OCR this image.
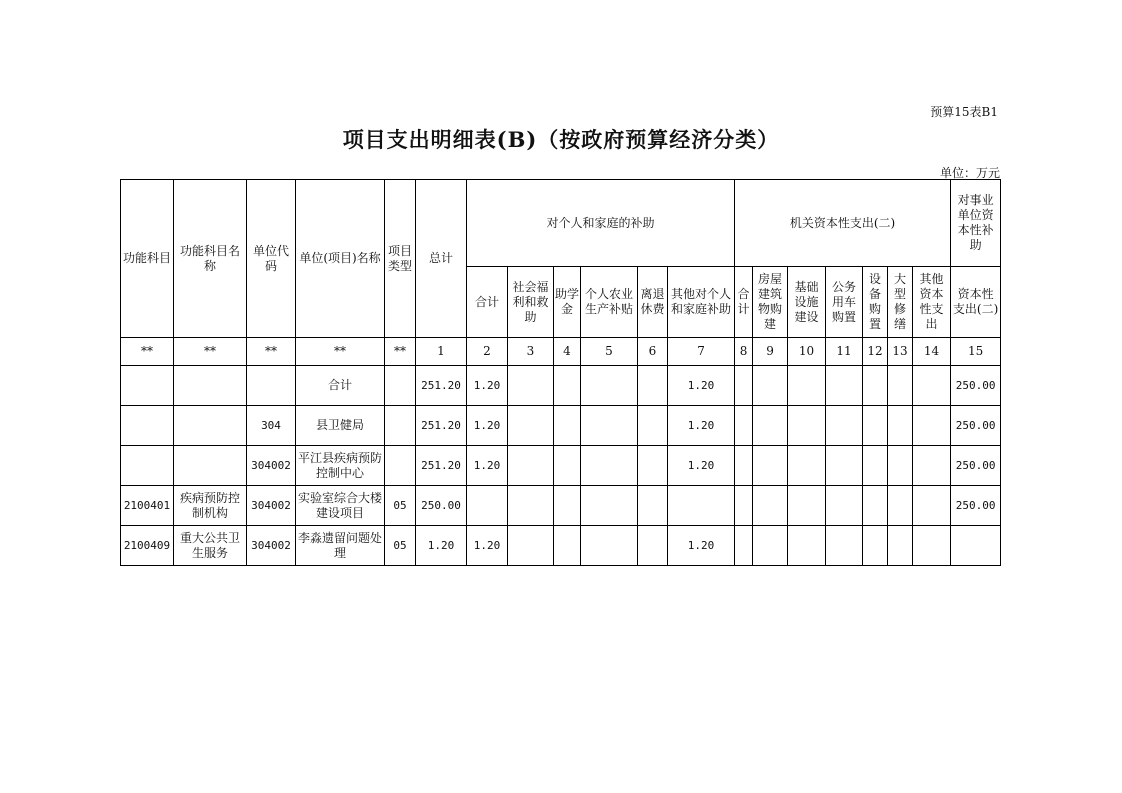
预算15表B1
项目支出明细表(B)（按政府预算经济分类）
单位：万元
功能科目	功能科目名称	单位代码	单位(项目)名称	项目类型	总计	对个人和家庭的补助						机关资本性支出(二)							对事业单位资本性补助
						合计	社会福利和救助	助学金	个人农业生产补贴	离退休费	其他对个人和家庭补助	合计	房屋建筑物购建	基础设施建设	公务用车购置	设备购置	大型修缮	其他资本性支出	资本性支出(二)
**	**	**	**	**	1	2	3	4	5	6	7	8	9	10	11	12	13	14	15
			合计		251.20	1.20					1.20								250.00
		304	县卫健局		251.20	1.20					1.20								250.00
		304002	平江县疾病预防控制中心		251.20	1.20					1.20								250.00
2100401	疾病预防控制机构	304002	实验室综合大楼建设项目	05	250.00														250.00
2100409	重大公共卫生服务	304002	李淼遗留问题处理	05	1.20	1.20					1.20								
